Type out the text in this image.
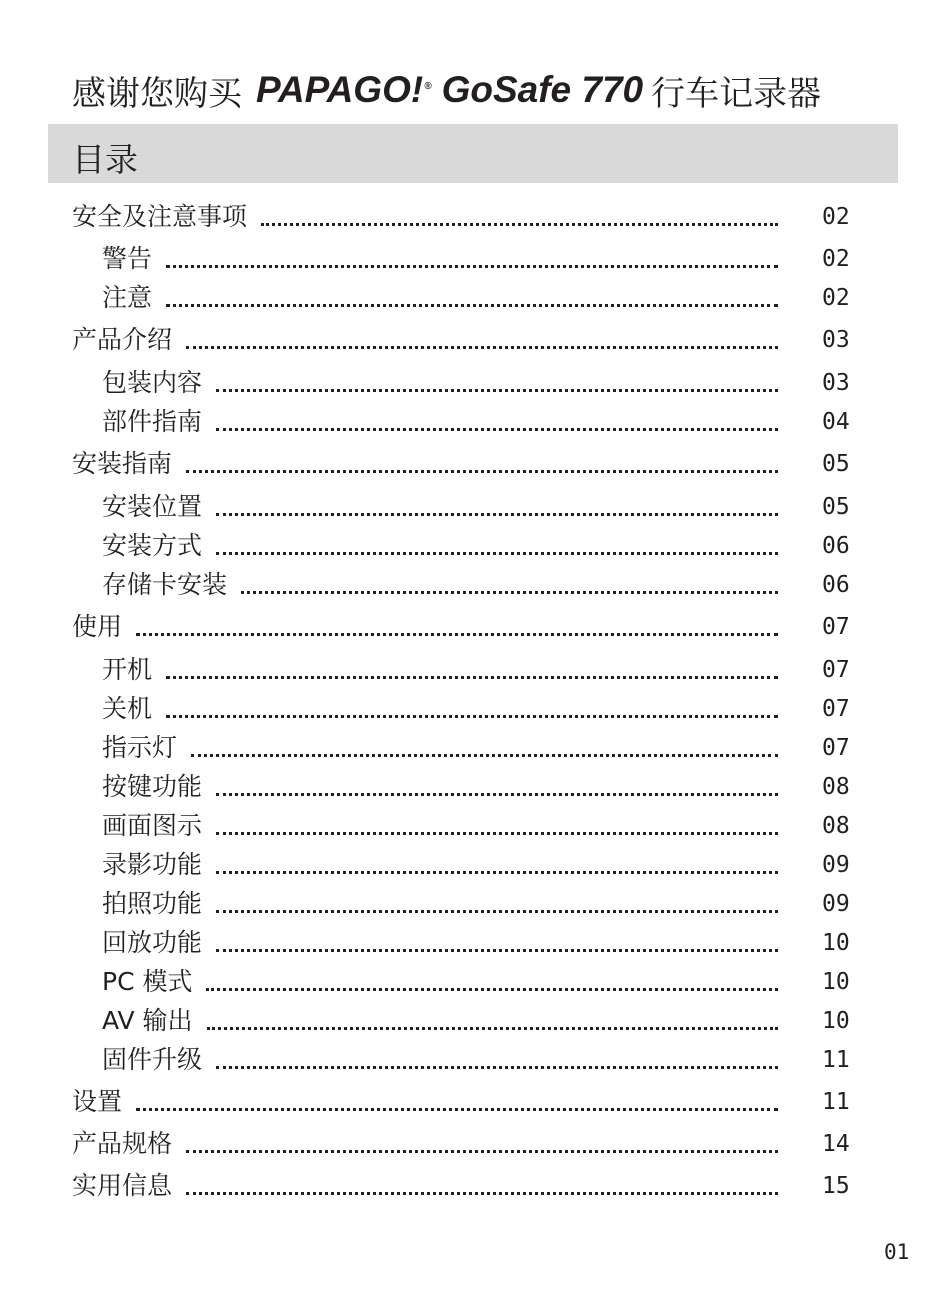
感谢您购买 PAPAGO!® GoSafe 770 行车记录器
目录
安全及注意事项	02
警告	02
注意	02
产品介绍	03
包装内容	03
部件指南	04
安装指南	05
安装位置	05
安装方式	06
存储卡安装	06
使用	07
开机	07
关机	07
指示灯	07
按键功能	08
画面图示	08
录影功能	09
拍照功能	09
回放功能	10
PC 模式	10
AV 输出	10
固件升级	11
设置	11
产品规格	14
实用信息	15
01
